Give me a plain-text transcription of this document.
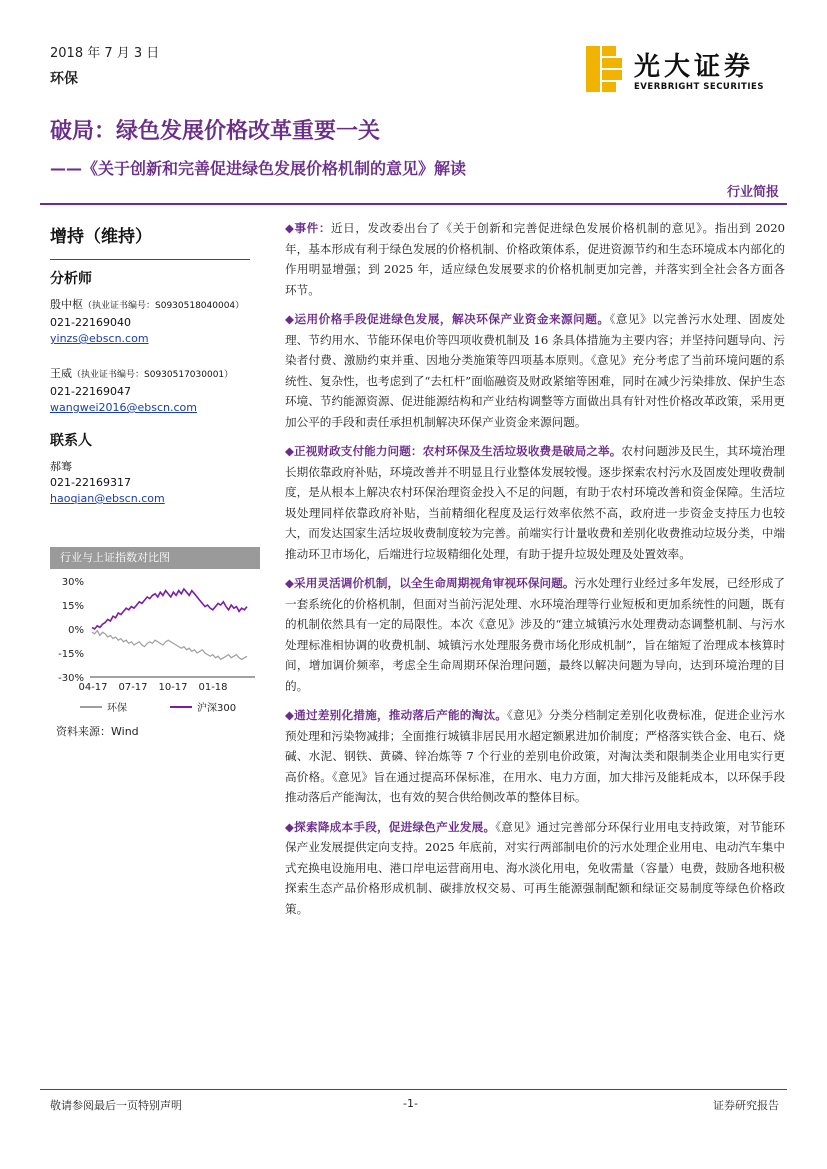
2018 年 7 月 3 日
环保	光大证券
EVERBRIGHT SECURITIES
破局：绿色发展价格改革重要一关
——《关于创新和完善促进绿色发展价格机制的意见》解读
行业简报
增持（维持）
分析师
殷中枢（执业证书编号：S0930518040004）
021-22169040
yinzs@ebscn.com
王威（执业证书编号：S0930517030001）
021-22169047
wangwei2016@ebscn.com
联系人
郝骞
021-22169317
haoqian@ebscn.com
行业与上证指数对比图
30%
15%
0%
-15%
-30%
04-17 07-17 10-17 01-18
环保	沪深300
资料来源：Wind

◆事件：近日，发改委出台了《关于创新和完善促进绿色发展价格机制的意见》。指出到 2020 年，基本形成有利于绿色发展的价格机制、价格政策体系，促进资源节约和生态环境成本内部化的作用明显增强；到 2025 年，适应绿色发展要求的价格机制更加完善，并落实到全社会各方面各环节。

◆运用价格手段促进绿色发展，解决环保产业资金来源问题。《意见》以完善污水处理、固废处理、节约用水、节能环保电价等四项收费机制及 16 条具体措施为主要内容；并坚持问题导向、污染者付费、激励约束并重、因地分类施策等四项基本原则。《意见》充分考虑了当前环境问题的系统性、复杂性，也考虑到了“去杠杆”面临融资及财政紧缩等困难，同时在减少污染排放、保护生态环境、节约能源资源、促进能源结构和产业结构调整等方面做出具有针对性价格改革政策，采用更加公平的手段和责任承担机制解决环保产业资金来源问题。

◆正视财政支付能力问题：农村环保及生活垃圾收费是破局之举。农村问题涉及民生，其环境治理长期依靠政府补贴，环境改善并不明显且行业整体发展较慢。逐步探索农村污水及固废处理收费制度，是从根本上解决农村环保治理资金投入不足的问题，有助于农村环境改善和资金保障。生活垃圾处理同样依靠政府补贴，当前精细化程度及运行效率依然不高，政府进一步资金支持压力也较大，而发达国家生活垃圾收费制度较为完善。前端实行计量收费和差别化收费推动垃圾分类，中端推动环卫市场化，后端进行垃圾精细化处理，有助于提升垃圾处理及处置效率。

◆采用灵活调价机制，以全生命周期视角审视环保问题。污水处理行业经过多年发展，已经形成了一套系统化的价格机制，但面对当前污泥处理、水环境治理等行业短板和更加系统性的问题，既有的机制依然具有一定的局限性。本次《意见》涉及的“建立城镇污水处理费动态调整机制、与污水处理标准相协调的收费机制、城镇污水处理服务费市场化形成机制”，旨在缩短了治理成本核算时间，增加调价频率，考虑全生命周期环保治理问题，最终以解决问题为导向，达到环境治理的目的。

◆通过差别化措施，推动落后产能的淘汰。《意见》分类分档制定差别化收费标准，促进企业污水预处理和污染物减排；全面推行城镇非居民用水超定额累进加价制度；严格落实铁合金、电石、烧碱、水泥、钢铁、黄磷、锌冶炼等 7 个行业的差别电价政策，对淘汰类和限制类企业用电实行更高价格。《意见》旨在通过提高环保标准，在用水、电力方面，加大排污及能耗成本，以环保手段推动落后产能淘汰，也有效的契合供给侧改革的整体目标。

◆探索降成本手段，促进绿色产业发展。《意见》通过完善部分环保行业用电支持政策，对节能环保产业发展提供定向支持。2025 年底前，对实行两部制电价的污水处理企业用电、电动汽车集中式充换电设施用电、港口岸电运营商用电、海水淡化用电，免收需量（容量）电费，鼓励各地积极探索生态产品价格形成机制、碳排放权交易、可再生能源强制配额和绿证交易制度等绿色价格政策。

敬请参阅最后一页特别声明	-1-	证券研究报告
